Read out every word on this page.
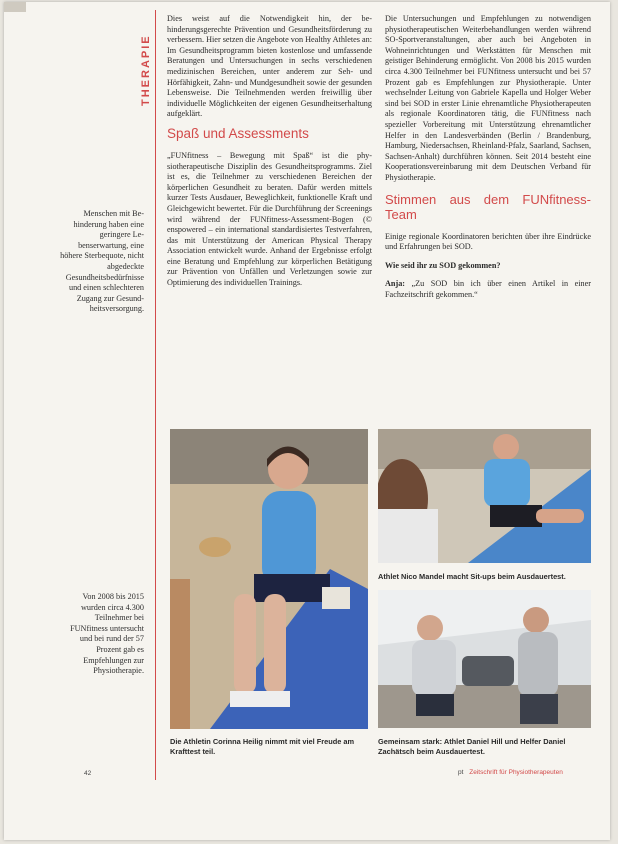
THERAPIE

Dies weist auf die Notwendigkeit hin, der behinderungsgerechte Prävention und Gesundheitsförderung zu verbessern. Hier setzen die Angebote von Healthy Athletes an: Im Gesundheitsprogramm bieten kostenlose und umfassende Beratungen und Untersuchungen in sechs verschiedenen medizinischen Bereichen, unter anderem zur Seh- und Hörfähigkeit, Zahn- und Mundgesundheit sowie der gesunden Lebensweise. Die Teilnehmenden werden freiwillig über individuelle Möglichkeiten der eigenen Gesundheitserhaltung aufgeklärt.

Spaß und Assessments

„FUNfitness – Bewegung mit Spaß“ ist die physiotherapeutische Disziplin des Gesundheitsprogramms. Ziel ist es, die Teilnehmer zu verschiedenen Bereichen der körperlichen Gesundheit zu beraten. Dafür werden mittels kurzer Tests Ausdauer, Beweglichkeit, funktionelle Kraft und Gleichgewicht bewertet. Für die Durchführung der Screenings wird während der FUNfitness-Assessment-Bogen (© enspowered – ein international standardisiertes Testverfahren, das mit Unterstützung der American Physical Therapy Association entwickelt wurde. Anhand der Ergebnisse erfolgt eine Beratung und Empfehlung zur körperlichen Betätigung zur Prävention von Unfällen und Verletzungen sowie zur Optimierung des individuellen Trainings.

Die Untersuchungen und Empfehlungen zu notwendigen physiotherapeutischen Weiterbehandlungen werden während SO-Sportveranstaltungen, aber auch bei Angeboten in Wohneinrichtungen und Werkstätten für Menschen mit geistiger Behinderung ermöglicht. Von 2008 bis 2015 wurden circa 4.300 Teilnehmer bei FUNfitness untersucht und bei 57 Prozent gab es Empfehlungen zur Physiotherapie. Unter wechselnder Leitung von Gabriele Kapella und Holger Weber sind bei SOD in erster Linie ehrenamtliche Physiotherapeuten als regionale Koordinatoren tätig, die FUNfitness nach spezieller Vorbereitung mit Unterstützung ehrenamtlicher Helfer in den Landesverbänden (Berlin / Brandenburg, Hamburg, Niedersachsen, Rheinland-Pfalz, Saarland, Sachsen, Sachsen-Anhalt) durchführen können. Seit 2014 besteht eine Kooperationsvereinbarung mit dem Deutschen Verband für Physiotherapie.

Stimmen aus dem FUNfitness-Team

Einige regionale Koordinatoren berichten über ihre Eindrücke und Erfahrungen bei SOD.

Wie seid ihr zu SOD gekommen?

Anja: „Zu SOD bin ich über einen Artikel in einer Fachzeitschrift gekommen.“

Menschen mit Behinderung haben eine geringere Lebenserwartung, eine höhere Sterbequote, nicht abgedeckte Gesundheitsbedürfnisse und einen schlechteren Zugang zur Gesundheitsversorgung.
Von 2008 bis 2015 wurden circa 4.300 Teilnehmer bei FUNfitness untersucht und bei rund der 57 Prozent gab es Empfehlungen zur Physiotherapie.
Die Athletin Corinna Heilig nimmt mit viel Freude am Krafttest teil.
Athlet Nico Mandel macht Sit-ups beim Ausdauertest.
Gemeinsam stark: Athlet Daniel Hill und Helfer Daniel Zachätsch beim Ausdauertest.
42	pt Zeitschrift für Physiotherapeuten
